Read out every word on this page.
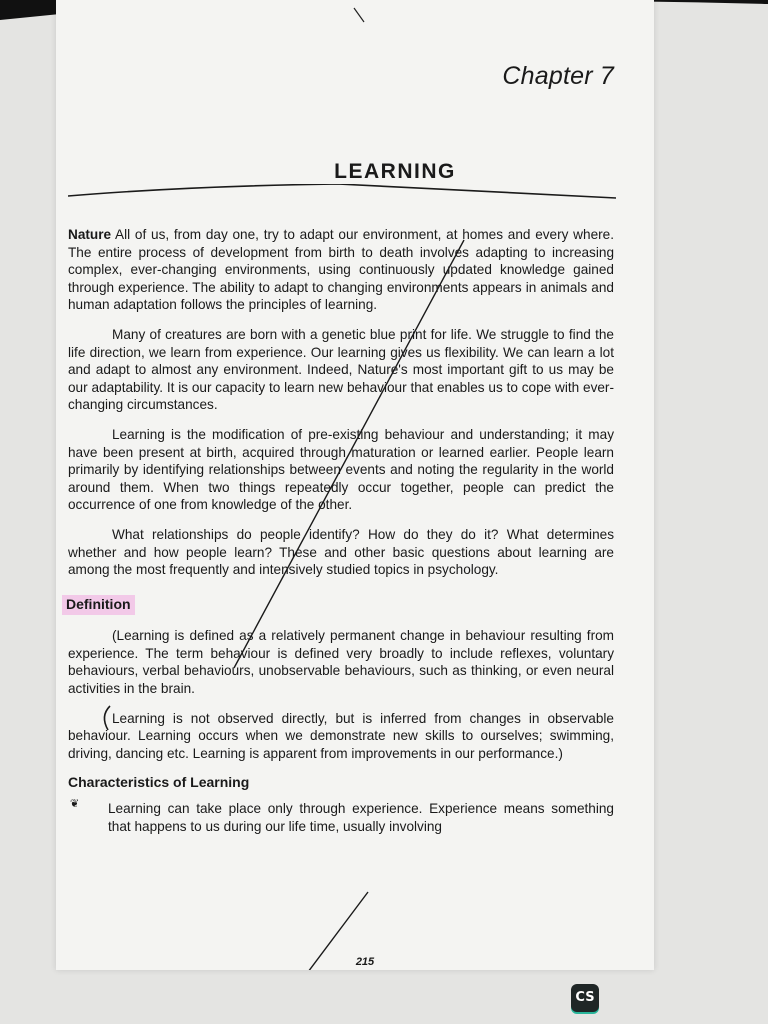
Chapter 7
LEARNING

Nature All of us, from day one, try to adapt our environment, at homes and every where. The entire process of development from birth to death involves adapting to increasing complex, ever-changing environments, using continuously updated knowledge gained through experience. The ability to adapt to changing environments appears in animals and human adaptation follows the principles of learning.

Many of creatures are born with a genetic blue print for life. We struggle to find the life direction, we learn from experience. Our learning gives us flexibility. We can learn a lot and adapt to almost any environment. Indeed, Nature's most important gift to us may be our adaptability. It is our capacity to learn new behaviour that enables us to cope with ever-changing circumstances.

Learning is the modification of pre-existing behaviour and understanding; it may have been present at birth, acquired through maturation or learned earlier. People learn primarily by identifying relationships between events and noting the regularity in the world around them. When two things repeatedly occur together, people can predict the occurrence of one from knowledge of the other.

What relationships do people identify? How do they do it? What determines whether and how people learn? These and other basic questions about learning are among the most frequently and intensively studied topics in psychology.

Definition

(Learning is defined as a relatively permanent change in behaviour resulting from experience. The term behaviour is defined very broadly to include reflexes, voluntary behaviours, verbal behaviours, unobservable behaviours, such as thinking, or even neural activities in the brain.

Learning is not observed directly, but is inferred from changes in observable behaviour. Learning occurs when we demonstrate new skills to ourselves; swimming, driving, dancing etc. Learning is apparent from improvements in our performance.)

Characteristics of Learning
❦ Learning can take place only through experience. Experience means something that happens to us during our life time, usually involving

215
CS
